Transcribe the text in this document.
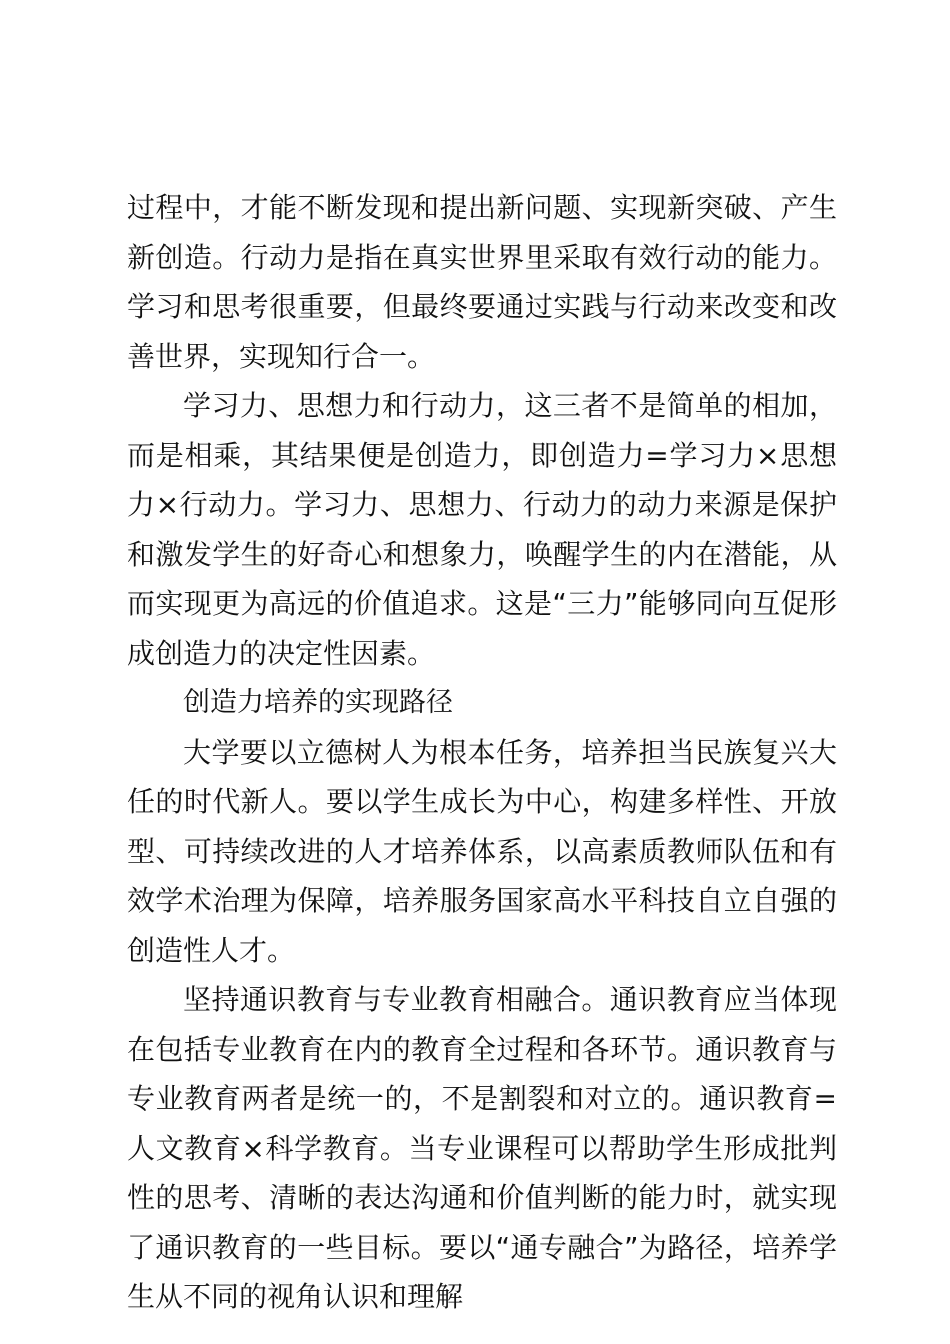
过程中，才能不断发现和提出新问题、实现新突破、产生新创造。行动力是指在真实世界里采取有效行动的能力。学习和思考很重要，但最终要通过实践与行动来改变和改善世界，实现知行合一。

学习力、思想力和行动力，这三者不是简单的相加，而是相乘，其结果便是创造力，即创造力=学习力×思想力×行动力。学习力、思想力、行动力的动力来源是保护和激发学生的好奇心和想象力，唤醒学生的内在潜能，从而实现更为高远的价值追求。这是“三力”能够同向互促形成创造力的决定性因素。

创造力培养的实现路径

大学要以立德树人为根本任务，培养担当民族复兴大任的时代新人。要以学生成长为中心，构建多样性、开放型、可持续改进的人才培养体系，以高素质教师队伍和有效学术治理为保障，培养服务国家高水平科技自立自强的创造性人才。

坚持通识教育与专业教育相融合。通识教育应当体现在包括专业教育在内的教育全过程和各环节。通识教育与专业教育两者是统一的，不是割裂和对立的。通识教育=人文教育×科学教育。当专业课程可以帮助学生形成批判性的思考、清晰的表达沟通和价值判断的能力时，就实现了通识教育的一些目标。要以“通专融合”为路径，培养学生从不同的视角认识和理解
